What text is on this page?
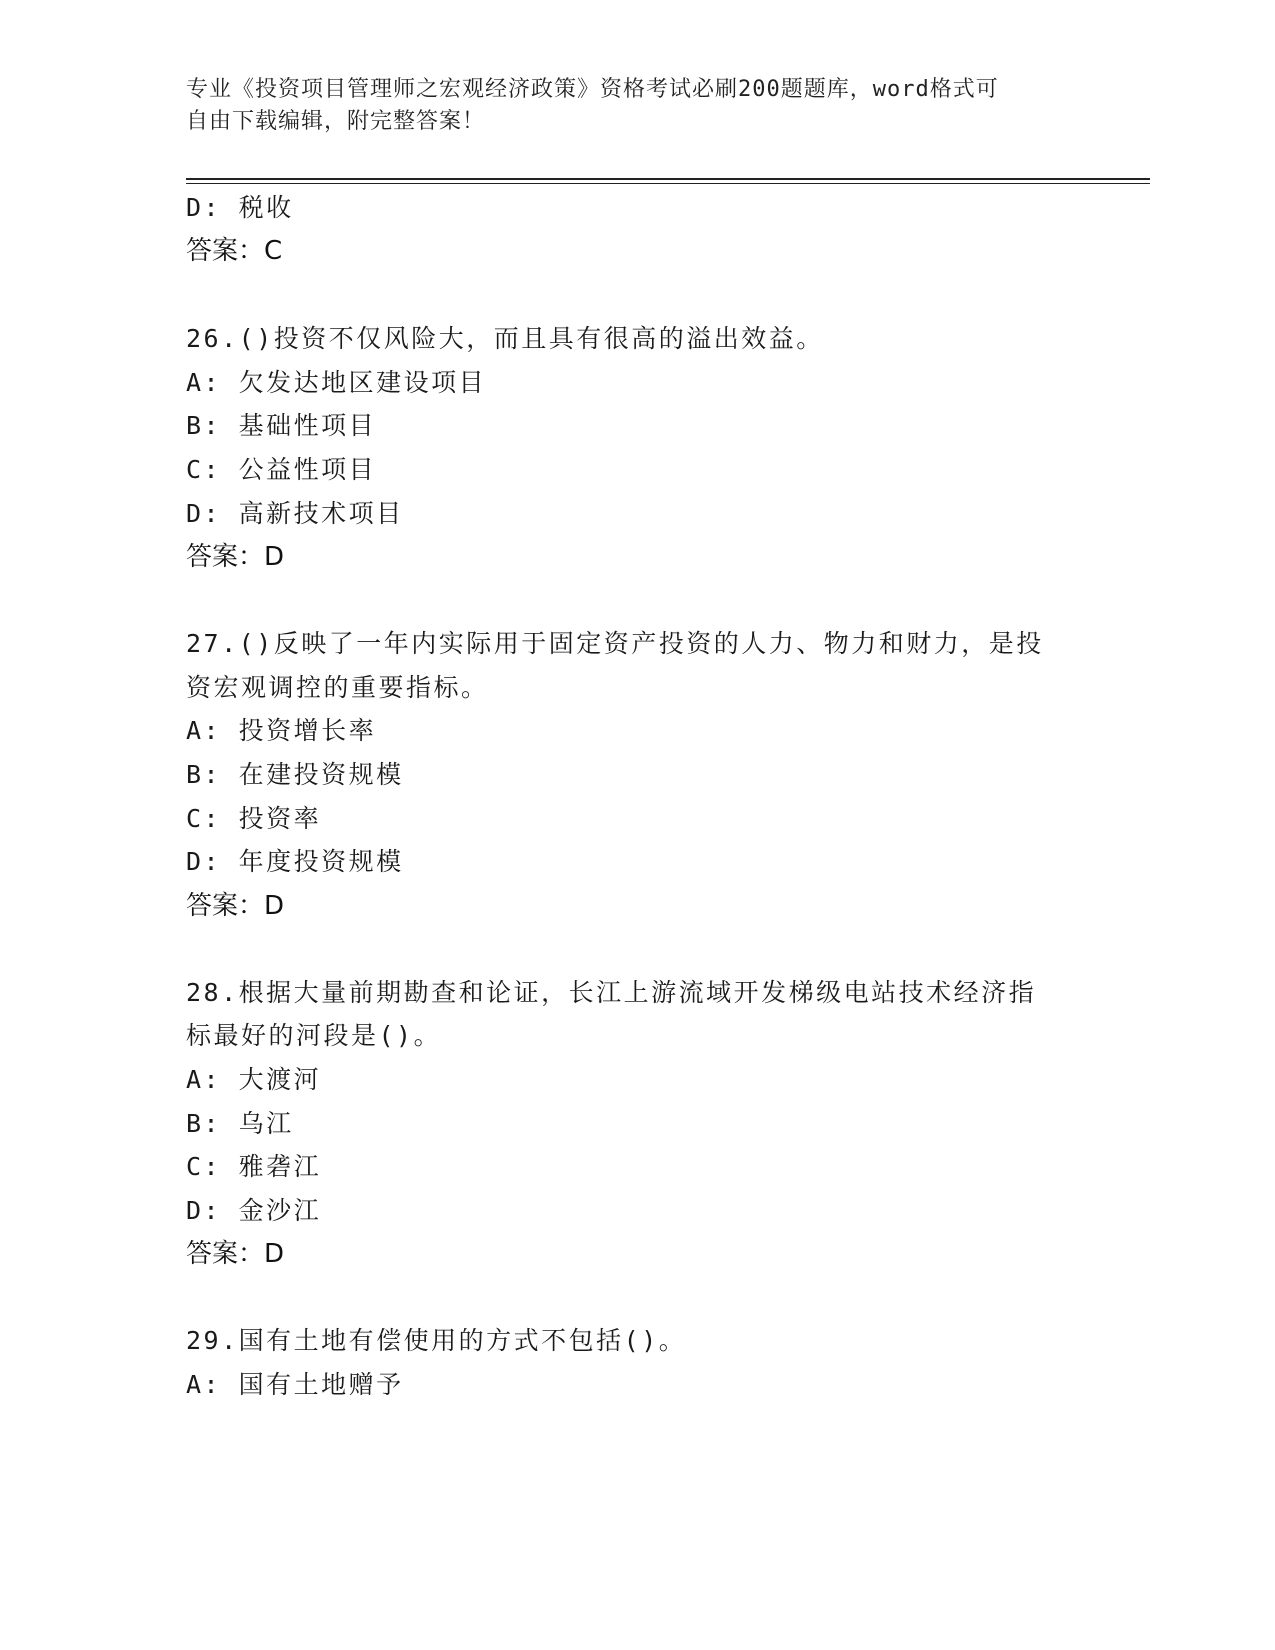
专业《投资项目管理师之宏观经济政策》资格考试必刷200题题库，word格式可
自由下载编辑，附完整答案！
D: 税收
答案：C
26.()投资不仅风险大，而且具有很高的溢出效益。
A: 欠发达地区建设项目
B: 基础性项目
C: 公益性项目
D: 高新技术项目
答案：D
27.()反映了一年内实际用于固定资产投资的人力、物力和财力，是投
资宏观调控的重要指标。
A: 投资增长率
B: 在建投资规模
C: 投资率
D: 年度投资规模
答案：D
28.根据大量前期勘查和论证，长江上游流域开发梯级电站技术经济指
标最好的河段是()。
A: 大渡河
B: 乌江
C: 雅砻江
D: 金沙江
答案：D
29.国有土地有偿使用的方式不包括()。
A: 国有土地赠予
